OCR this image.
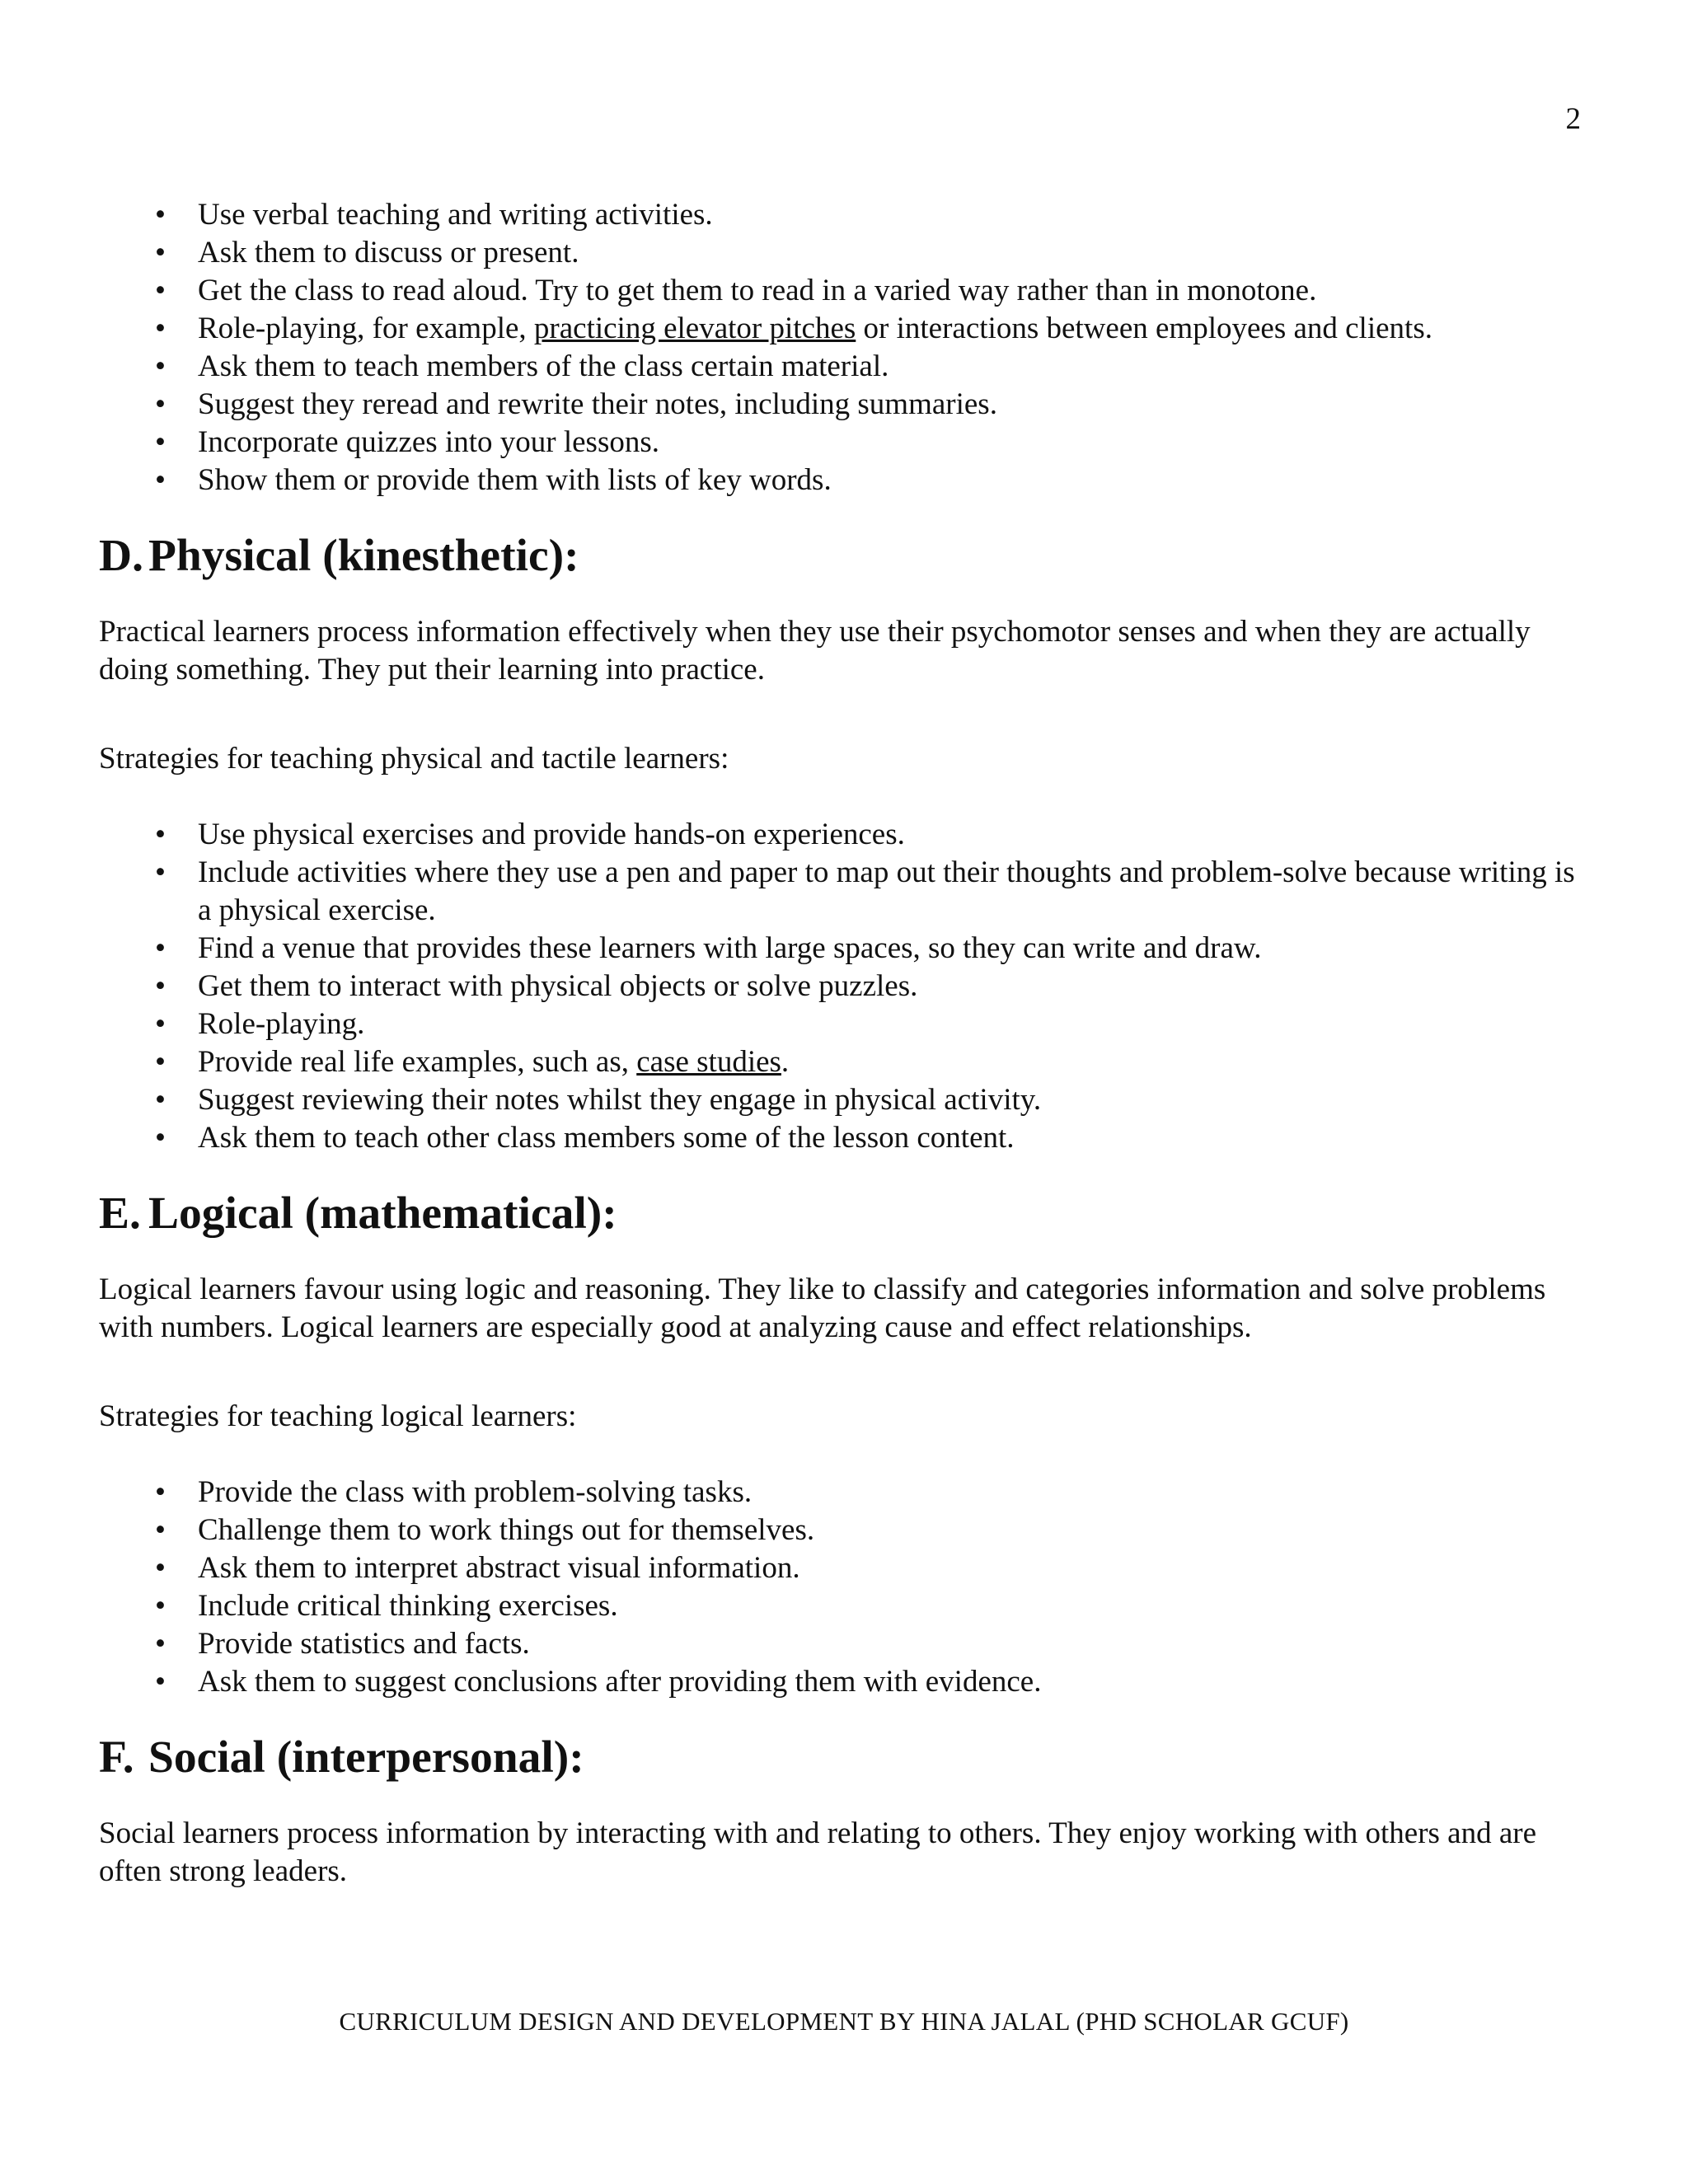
2
• Use verbal teaching and writing activities.
• Ask them to discuss or present.
• Get the class to read aloud. Try to get them to read in a varied way rather than in monotone.
• Role-playing, for example, practicing elevator pitches or interactions between employees and clients.
• Ask them to teach members of the class certain material.
• Suggest they reread and rewrite their notes, including summaries.
• Incorporate quizzes into your lessons.
• Show them or provide them with lists of key words.
D. Physical (kinesthetic):

Practical learners process information effectively when they use their psychomotor senses and when they are actually doing something. They put their learning into practice.

Strategies for teaching physical and tactile learners:

• Use physical exercises and provide hands-on experiences.
• Include activities where they use a pen and paper to map out their thoughts and problem-solve because writing is a physical exercise.
• Find a venue that provides these learners with large spaces, so they can write and draw.
• Get them to interact with physical objects or solve puzzles.
• Role-playing.
• Provide real life examples, such as, case studies.
• Suggest reviewing their notes whilst they engage in physical activity.
• Ask them to teach other class members some of the lesson content.
E. Logical (mathematical):

Logical learners favour using logic and reasoning. They like to classify and categories information and solve problems with numbers. Logical learners are especially good at analyzing cause and effect relationships.

Strategies for teaching logical learners:

• Provide the class with problem-solving tasks.
• Challenge them to work things out for themselves.
• Ask them to interpret abstract visual information.
• Include critical thinking exercises.
• Provide statistics and facts.
• Ask them to suggest conclusions after providing them with evidence.
F. Social (interpersonal):

Social learners process information by interacting with and relating to others. They enjoy working with others and are often strong leaders.

CURRICULUM DESIGN AND DEVELOPMENT BY HINA JALAL (PHD SCHOLAR GCUF)
